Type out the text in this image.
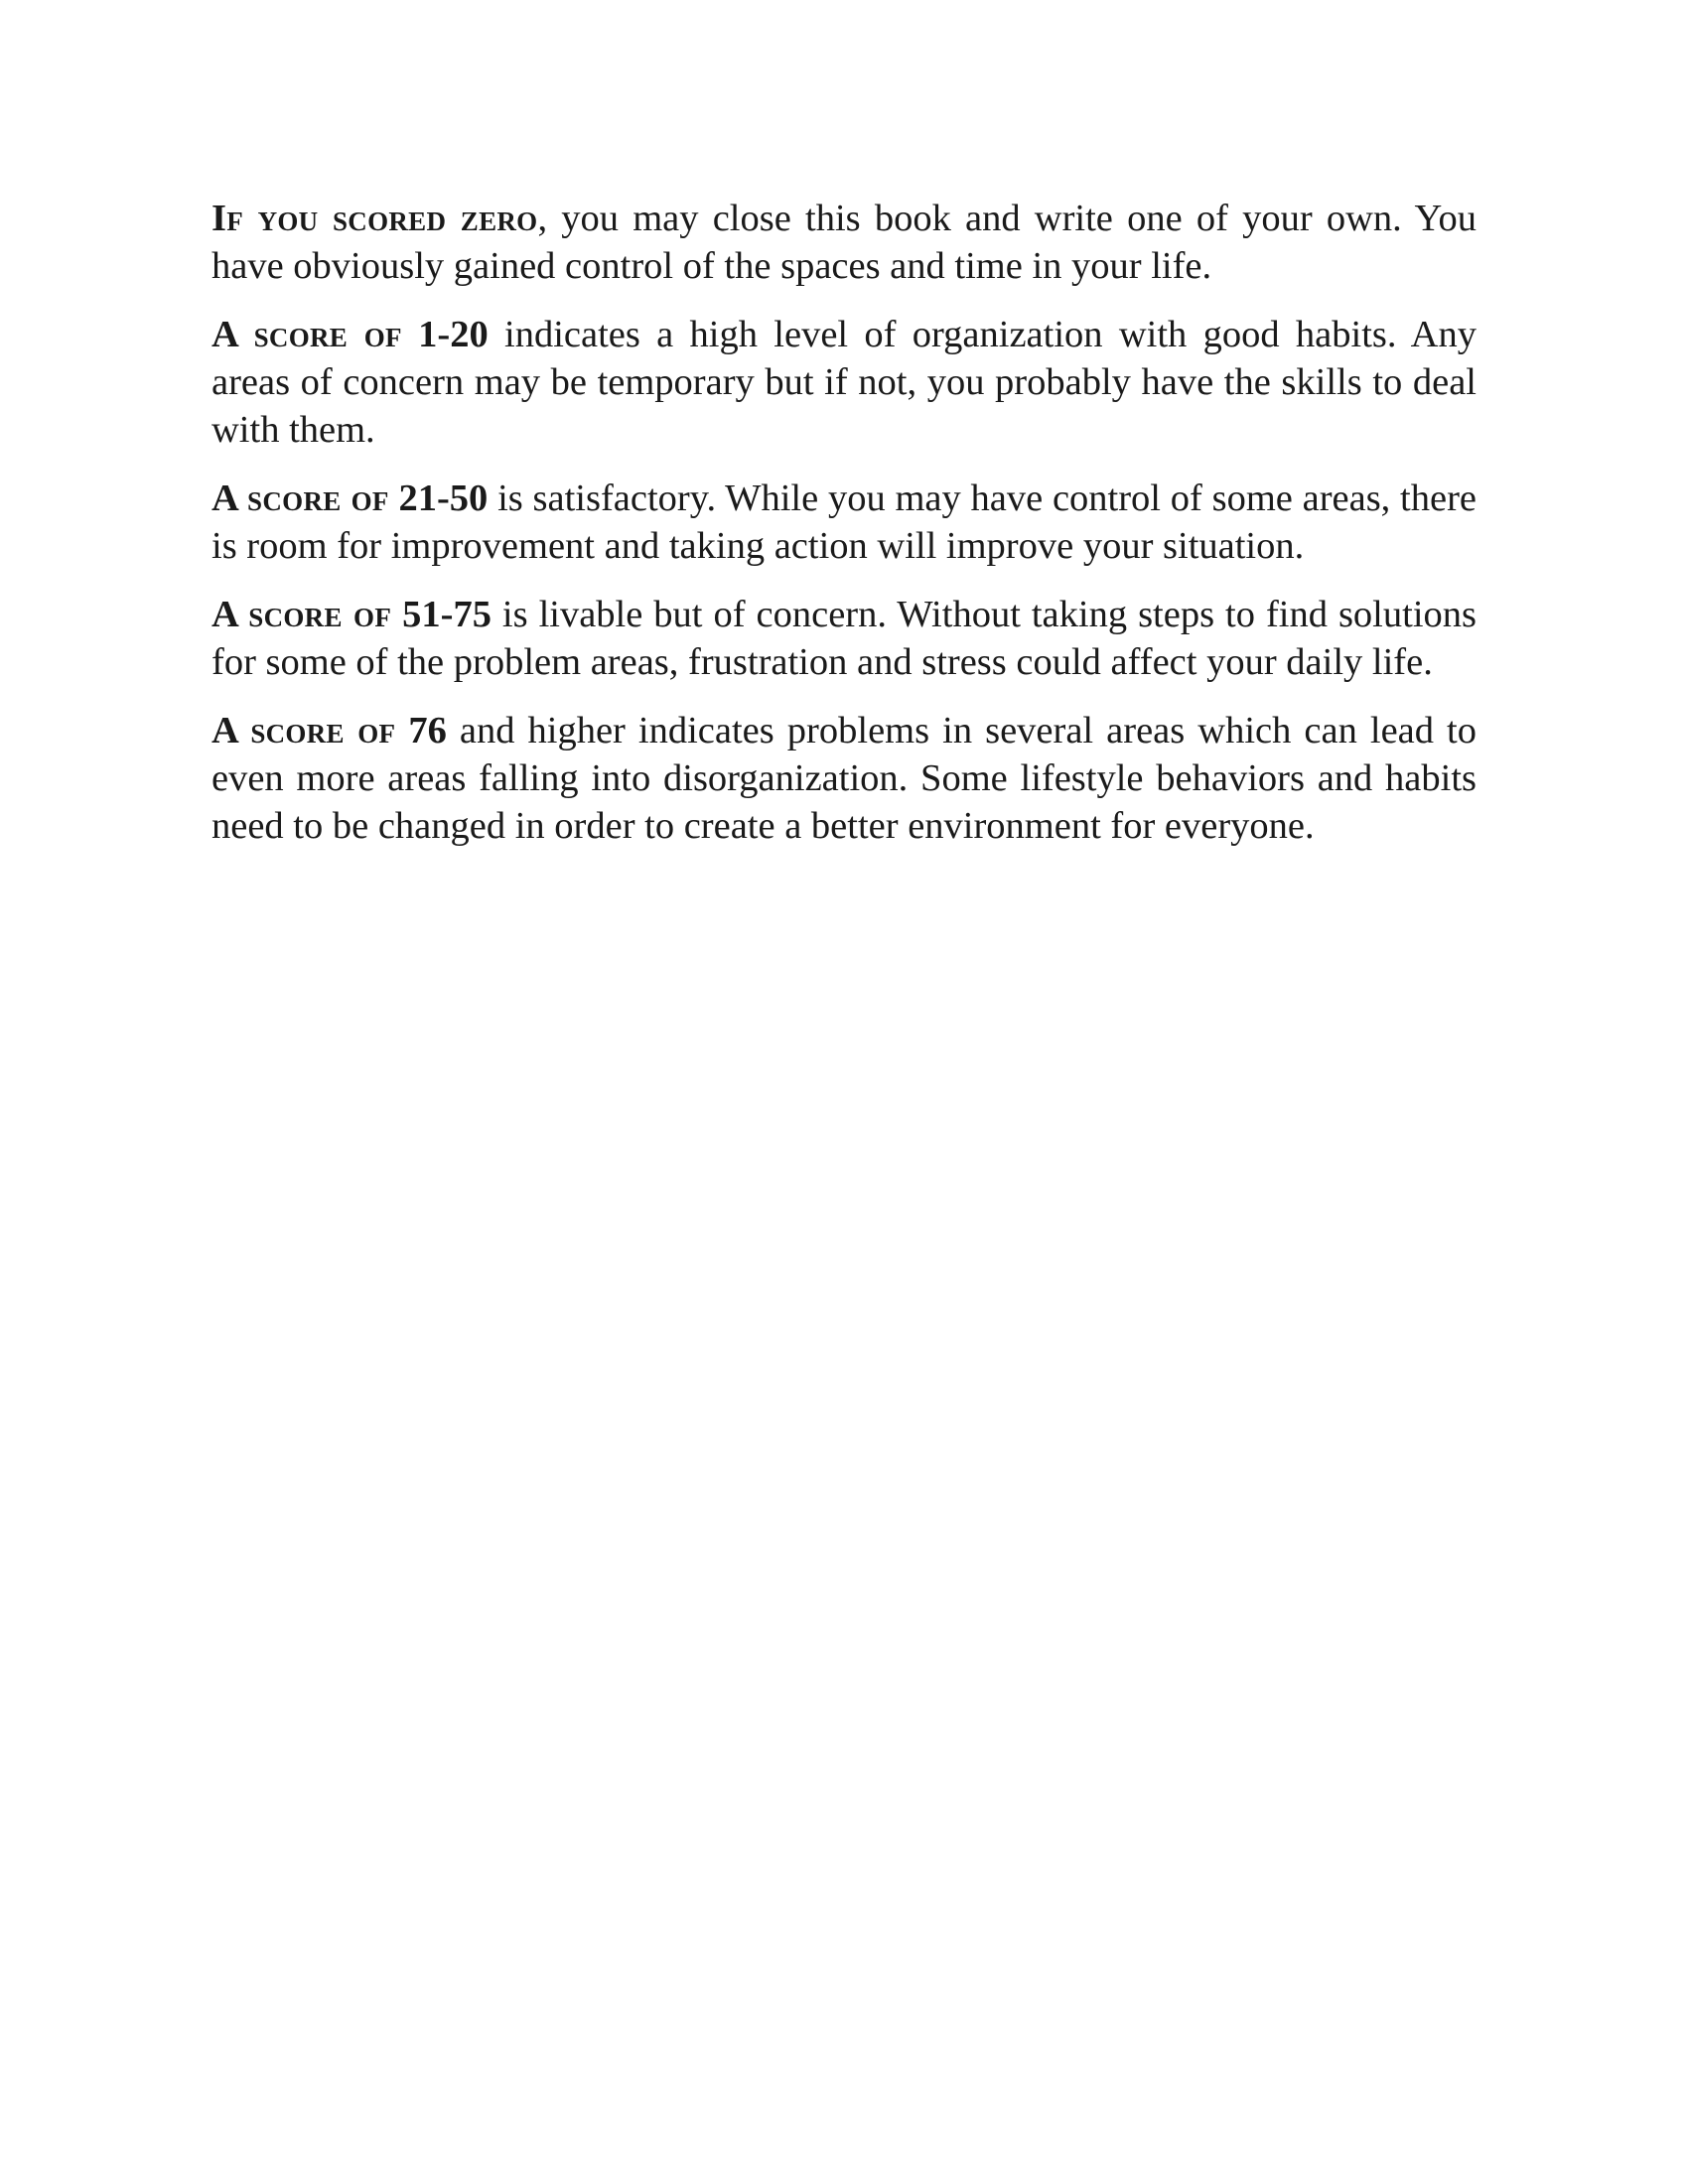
If you scored zero, you may close this book and write one of your own. You have obviously gained control of the spaces and time in your life.

A score of 1-20 indicates a high level of organization with good habits. Any areas of concern may be temporary but if not, you probably have the skills to deal with them.

A score of 21-50 is satisfactory. While you may have control of some areas, there is room for improvement and taking action will improve your situation.

A score of 51-75 is livable but of concern. Without taking steps to find solutions for some of the problem areas, frustration and stress could affect your daily life.

A score of 76 and higher indicates problems in several areas which can lead to even more areas falling into disorganization. Some lifestyle behaviors and habits need to be changed in order to create a better environment for everyone.
